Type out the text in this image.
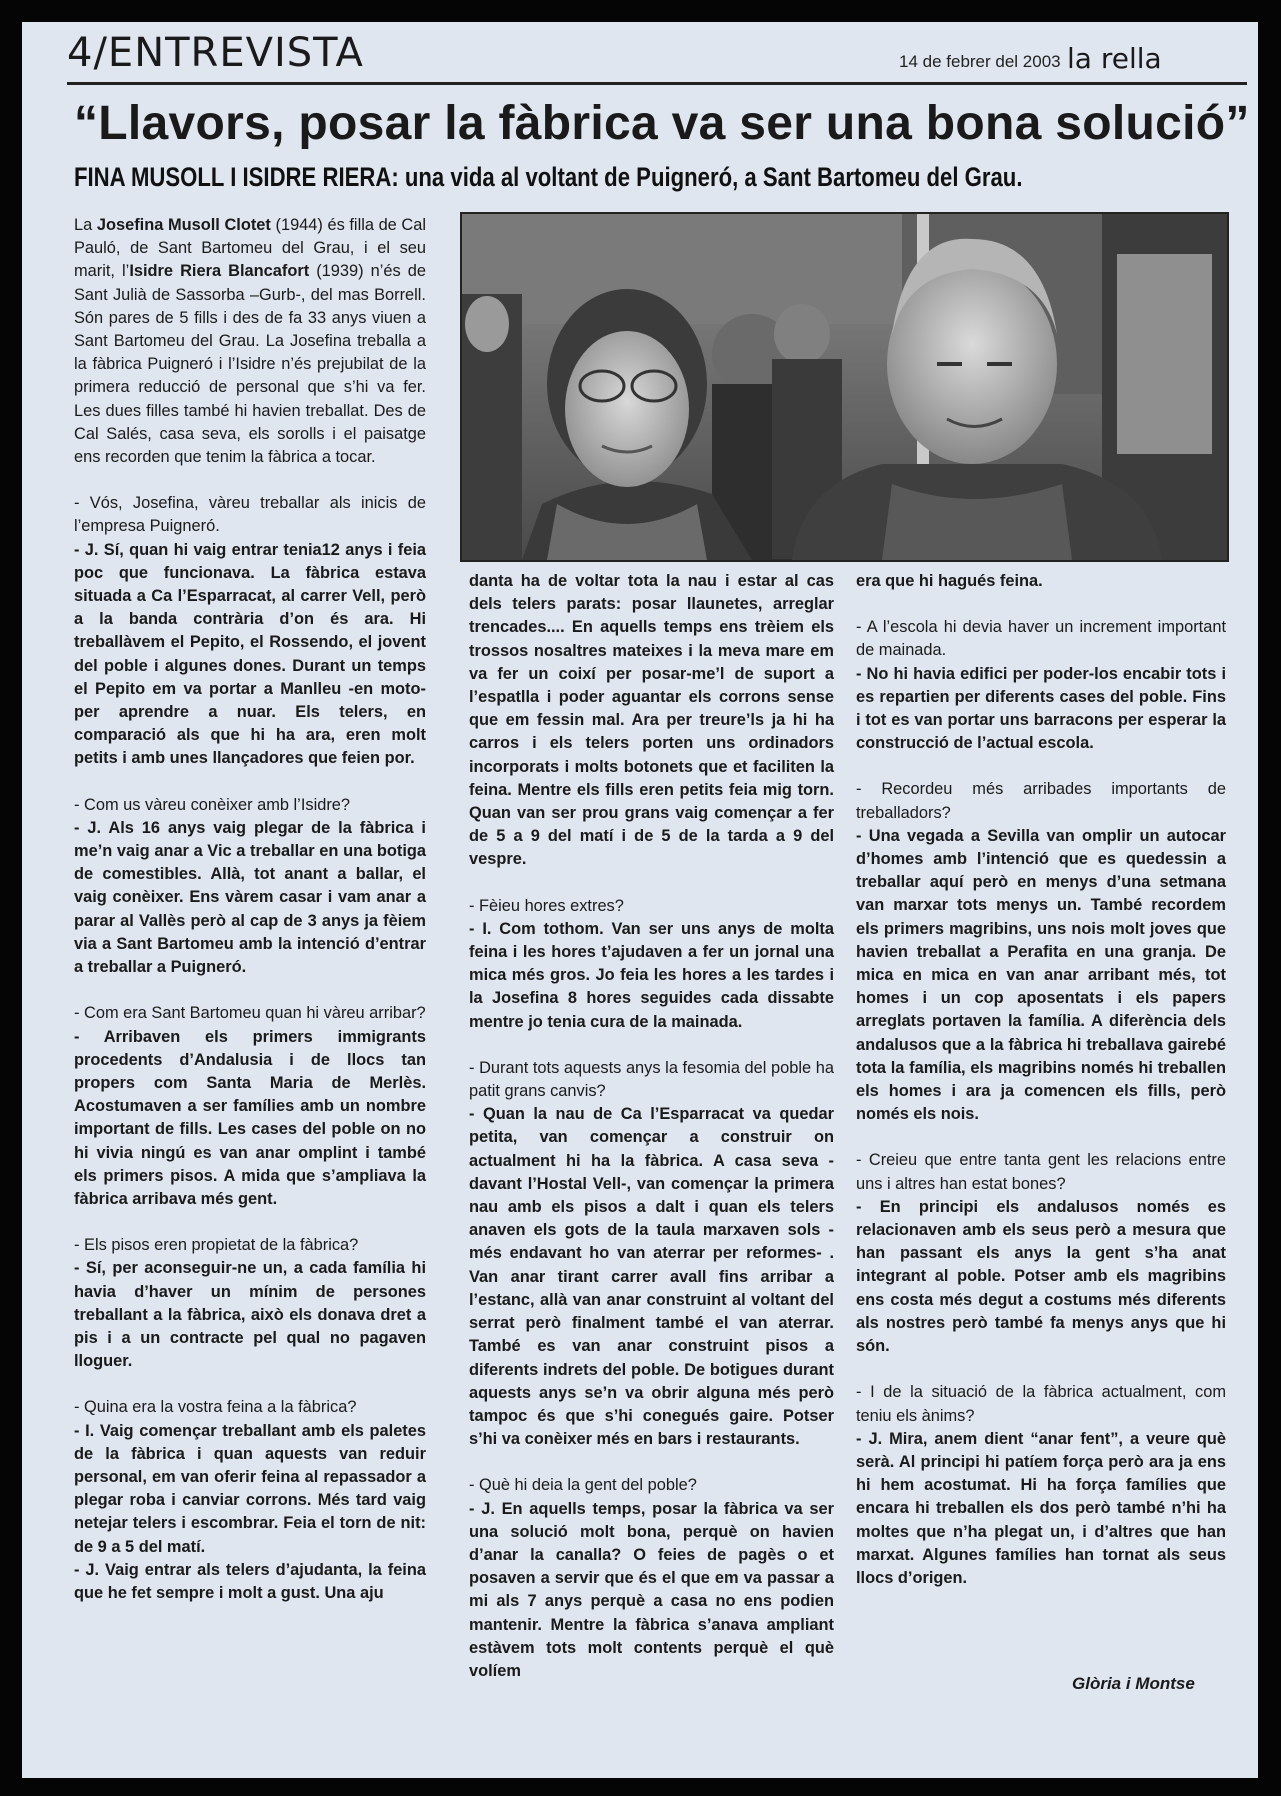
4/ENTREVISTA	14 de febrer del 2003 la rella
“Llavors, posar la fàbrica va ser una bona solució”
FINA MUSOLL I ISIDRE RIERA: una vida al voltant de Puigneró, a Sant Bartomeu del Grau.

La Josefina Musoll Clotet (1944) és filla de Cal Pauló, de Sant Bartomeu del Grau, i el seu marit, l’Isidre Riera Blancafort (1939) n’és de Sant Julià de Sassorba –Gurb-, del mas Borrell. Són pares de 5 fills i des de fa 33 anys viuen a Sant Bartomeu del Grau. La Josefina treballa a la fàbrica Puigneró i l’Isidre n’és prejubilat de la primera reducció de personal que s’hi va fer. Les dues filles també hi havien treballat. Des de Cal Salés, casa seva, els sorolls i el paisatge ens recorden que tenim la fàbrica a tocar.

- Vós, Josefina, vàreu treballar als inicis de l’empresa Puigneró.

- J. Sí, quan hi vaig entrar tenia12 anys i feia poc que funcionava. La fàbrica estava situada a Ca l’Esparracat, al carrer Vell, però a la banda contrària d’on és ara. Hi treballàvem el Pepito, el Rossendo, el jovent del poble i algunes dones. Durant un temps el Pepito em va portar a Manlleu -en moto- per aprendre a nuar. Els telers, en comparació als que hi ha ara, eren molt petits i amb unes llançadores que feien por.

- Com us vàreu conèixer amb l’Isidre?

- J. Als 16 anys vaig plegar de la fàbrica i me’n vaig anar a Vic a treballar en una botiga de comestibles. Allà, tot anant a ballar, el vaig conèixer. Ens vàrem casar i vam anar a parar al Vallès però al cap de 3 anys ja fèiem via a Sant Bartomeu amb la intenció d’entrar a treballar a Puigneró.

- Com era Sant Bartomeu quan hi vàreu arribar?

- Arribaven els primers immigrants procedents d’Andalusia i de llocs tan propers com Santa Maria de Merlès. Acostumaven a ser famílies amb un nombre important de fills. Les cases del poble on no hi vivia ningú es van anar omplint i també els primers pisos. A mida que s’ampliava la fàbrica arribava més gent.

- Els pisos eren propietat de la fàbrica?

- Sí, per aconseguir-ne un, a cada família hi havia d’haver un mínim de persones treballant a la fàbrica, això els donava dret a pis i a un contracte pel qual no pagaven lloguer.

- Quina era la vostra feina a la fàbrica?

- I. Vaig començar treballant amb els paletes de la fàbrica i quan aquests van reduir personal, em van oferir feina al repassador a plegar roba i canviar corrons. Més tard vaig netejar telers i escombrar. Feia el torn de nit: de 9 a 5 del matí.

- J. Vaig entrar als telers d’ajudanta, la feina que he fet sempre i molt a gust. Una aju

danta ha de voltar tota la nau i estar al cas dels telers parats: posar llaunetes, arreglar trencades.... En aquells temps ens trèiem els trossos nosaltres mateixes i la meva mare em va fer un coixí per posar-me’l de suport a l’espatlla i poder aguantar els corrons sense que em fessin mal. Ara per treure’ls ja hi ha carros i els telers porten uns ordinadors incorporats i molts botonets que et faciliten la feina. Mentre els fills eren petits feia mig torn. Quan van ser prou grans vaig començar a fer de 5 a 9 del matí i de 5 de la tarda a 9 del vespre.

- Fèieu hores extres?

- I. Com tothom. Van ser uns anys de molta feina i les hores t’ajudaven a fer un jornal una mica més gros. Jo feia les hores a les tardes i la Josefina 8 hores seguides cada dissabte mentre jo tenia cura de la mainada.

- Durant tots aquests anys la fesomia del poble ha patit grans canvis?

- Quan la nau de Ca l’Esparracat va quedar petita, van començar a construir on actualment hi ha la fàbrica. A casa seva - davant l’Hostal Vell-, van començar la primera nau amb els pisos a dalt i quan els telers anaven els gots de la taula marxaven sols -més endavant ho van aterrar per reformes- . Van anar tirant carrer avall fins arribar a l’estanc, allà van anar construint al voltant del serrat però finalment també el van aterrar. També es van anar construint pisos a diferents indrets del poble. De botigues durant aquests anys se’n va obrir alguna més però tampoc és que s’hi conegués gaire. Potser s’hi va conèixer més en bars i restaurants.

- Què hi deia la gent del poble?

- J. En aquells temps, posar la fàbrica va ser una solució molt bona, perquè on havien d’anar la canalla? O feies de pagès o et posaven a servir que és el que em va passar a mi als 7 anys perquè a casa no ens podien mantenir. Mentre la fàbrica s’anava ampliant estàvem tots molt contents perquè el què volíem

era que hi hagués feina.

- A l’escola hi devia haver un increment important de mainada.

- No hi havia edifici per poder-los encabir tots i es repartien per diferents cases del poble. Fins i tot es van portar uns barracons per esperar la construcció de l’actual escola.

- Recordeu més arribades importants de treballadors?

- Una vegada a Sevilla van omplir un autocar d’homes amb l’intenció que es quedessin a treballar aquí però en menys d’una setmana van marxar tots menys un. També recordem els primers magribins, uns nois molt joves que havien treballat a Perafita en una granja. De mica en mica en van anar arribant més, tot homes i un cop aposentats i els papers arreglats portaven la família. A diferència dels andalusos que a la fàbrica hi treballava gairebé tota la família, els magribins només hi treballen els homes i ara ja comencen els fills, però només els nois.

- Creieu que entre tanta gent les relacions entre uns i altres han estat bones?

- En principi els andalusos només es relacionaven amb els seus però a mesura que han passant els anys la gent s’ha anat integrant al poble. Potser amb els magribins ens costa més degut a costums més diferents als nostres però també fa menys anys que hi són.

- I de la situació de la fàbrica actualment, com teniu els ànims?

- J. Mira, anem dient “anar fent”, a veure què serà. Al principi hi patíem força però ara ja ens hi hem acostumat. Hi ha força famílies que encara hi treballen els dos però també n’hi ha moltes que n’ha plegat un, i d’altres que han marxat. Algunes famílies han tornat als seus llocs d’origen.

Glòria i Montse
